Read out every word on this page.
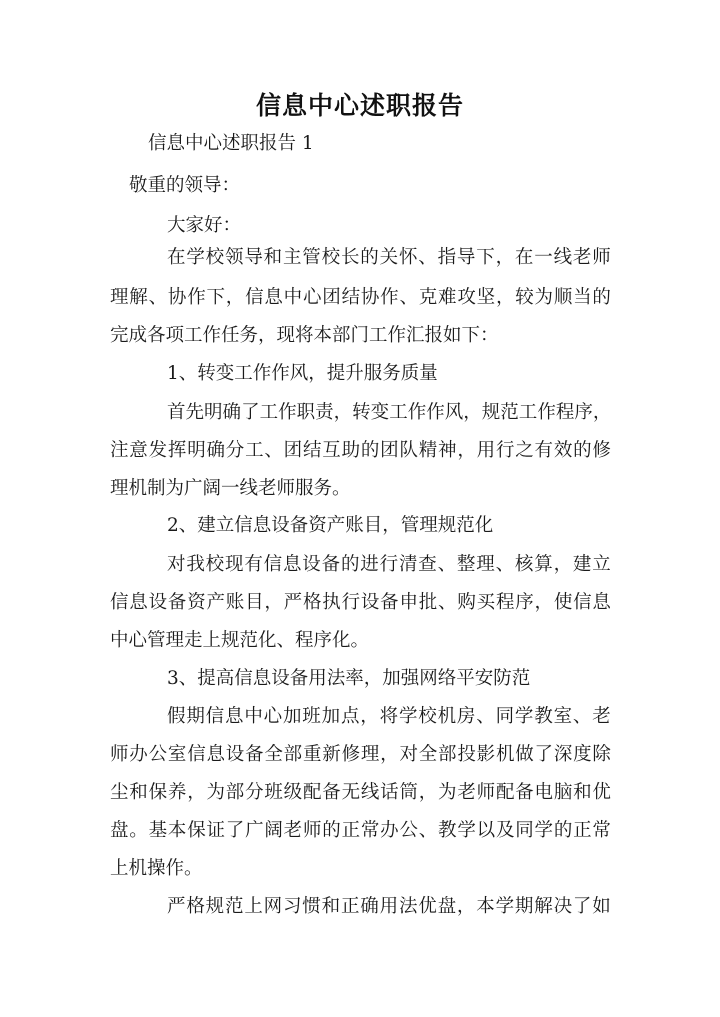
信息中心述职报告
信息中心述职报告 1
敬重的领导：
大家好：
在 学 校 领 导 和 主 管 校 长 的 关 怀 、 指 导 下 ， 在 一 线 老 师
理 解 、 协 作 下 ， 信 息 中 心 团 结 协 作 、 克 难 攻 坚 ， 较 为 顺 当 的
完成各项工作任务，现将本部门工作汇报如下：
1、转变工作作风，提升服务质量
首 先 明 确 了 工 作 职 责 ， 转 变 工 作 作 风 ， 规 范 工 作 程 序 ，
注 意 发 挥 明 确 分 工 、 团 结 互 助 的 团 队 精 神 ， 用 行 之 有 效 的 修
理机制为广阔一线老师服务。
2、建立信息设备资产账目，管理规范化
对 我 校 现 有 信 息 设 备 的 进 行 清 查 、 整 理 、 核 算 ， 建 立
信 息 设 备 资 产 账 目 ， 严 格 执 行 设 备 申 批 、 购 买 程 序 ， 使 信 息
中心管理走上规范化、程序化。
3、提高信息设备用法率，加强网络平安防范
假 期 信 息 中 心 加 班 加 点 ， 将 学 校 机 房 、 同 学 教 室 、 老
师 办 公 室 信 息 设 备 全 部 重 新 修 理 ， 对 全 部 投 影 机 做 了 深 度 除
尘 和 保 养 ， 为 部 分 班 级 配 备 无 线 话 筒 ， 为 老 师 配 备 电 脑 和 优
盘 。 基 本 保 证 了 广 阔 老 师 的 正 常 办 公 、 教 学 以 及 同 学 的 正 常
上机操作。
严 格 规 范 上 网 习 惯 和 正 确 用 法 优 盘 ， 本 学 期 解 决 了 如
